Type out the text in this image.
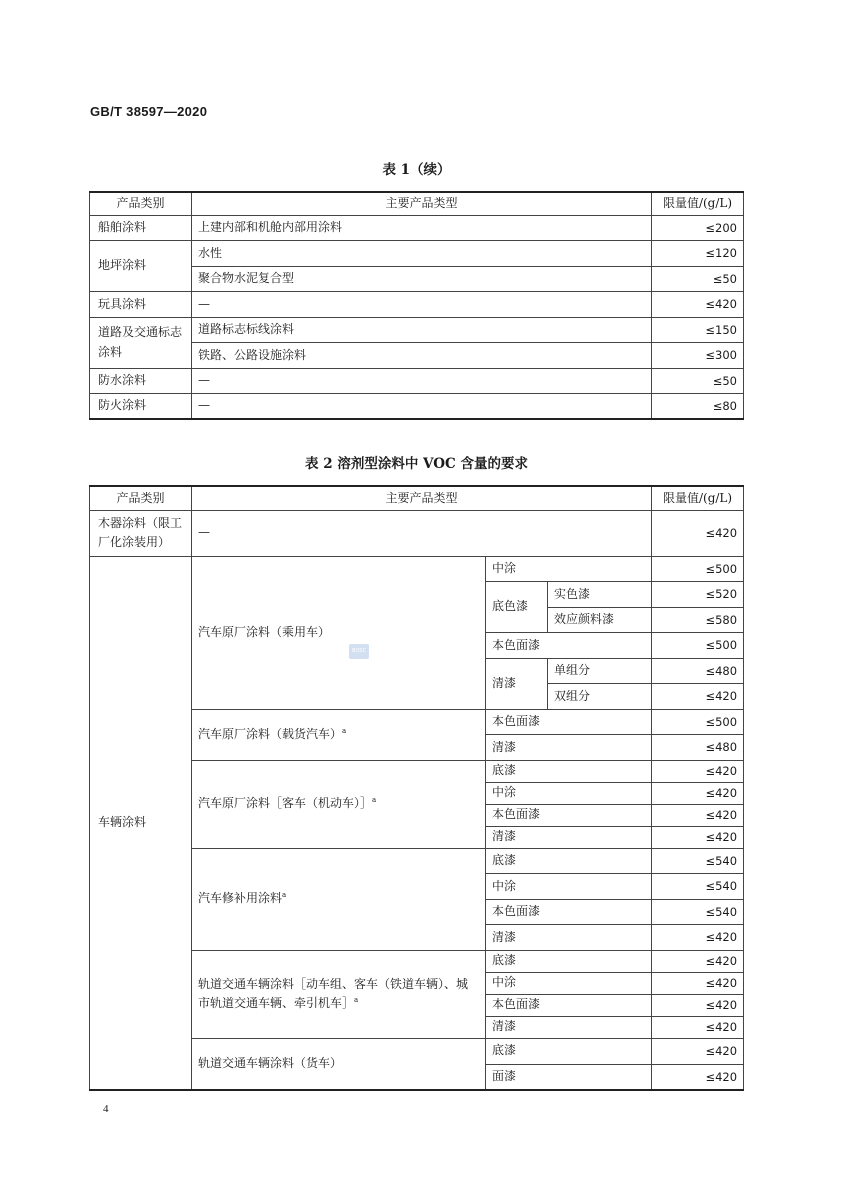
GB/T 38597—2020
表 1（续）
产品类别	主要产品类型	限量值/(g/L)
船舶涂料	上建内部和机舱内部用涂料	≤200
地坪涂料	水性	≤120
	聚合物水泥复合型	≤50
玩具涂料	—	≤420
道路及交通标志涂料	道路标志标线涂料	≤150
	铁路、公路设施涂料	≤300
防水涂料	—	≤50
防火涂料	—	≤80
表 2 溶剂型涂料中 VOC 含量的要求
产品类别	主要产品类型			限量值/(g/L)
木器涂料（限工厂化涂装用）	—			≤420
车辆涂料	汽车原厂涂料（乘用车）	中涂		≤500
		底色漆	实色漆	≤520
			效应颜料漆	≤580
		本色面漆		≤500
		清漆	单组分	≤480
			双组分	≤420
	汽车原厂涂料（载货汽车）$^a$	本色面漆		≤500
		清漆		≤480
	汽车原厂涂料［客车（机动车）］$^a$	底漆		≤420
		中涂		≤420
		本色面漆		≤420
		清漆		≤420
	汽车修补用涂料$^a$	底漆		≤540
		中涂		≤540
		本色面漆		≤540
		清漆		≤420
	轨道交通车辆涂料［动车组、客车（铁道车辆）、城市轨道交通车辆、牵引机车］$^a$	底漆		≤420
		中涂		≤420
		本色面漆		≤420
		清漆		≤420
	轨道交通车辆涂料（货车）	底漆		≤420
		面漆		≤420
BOSC
4
